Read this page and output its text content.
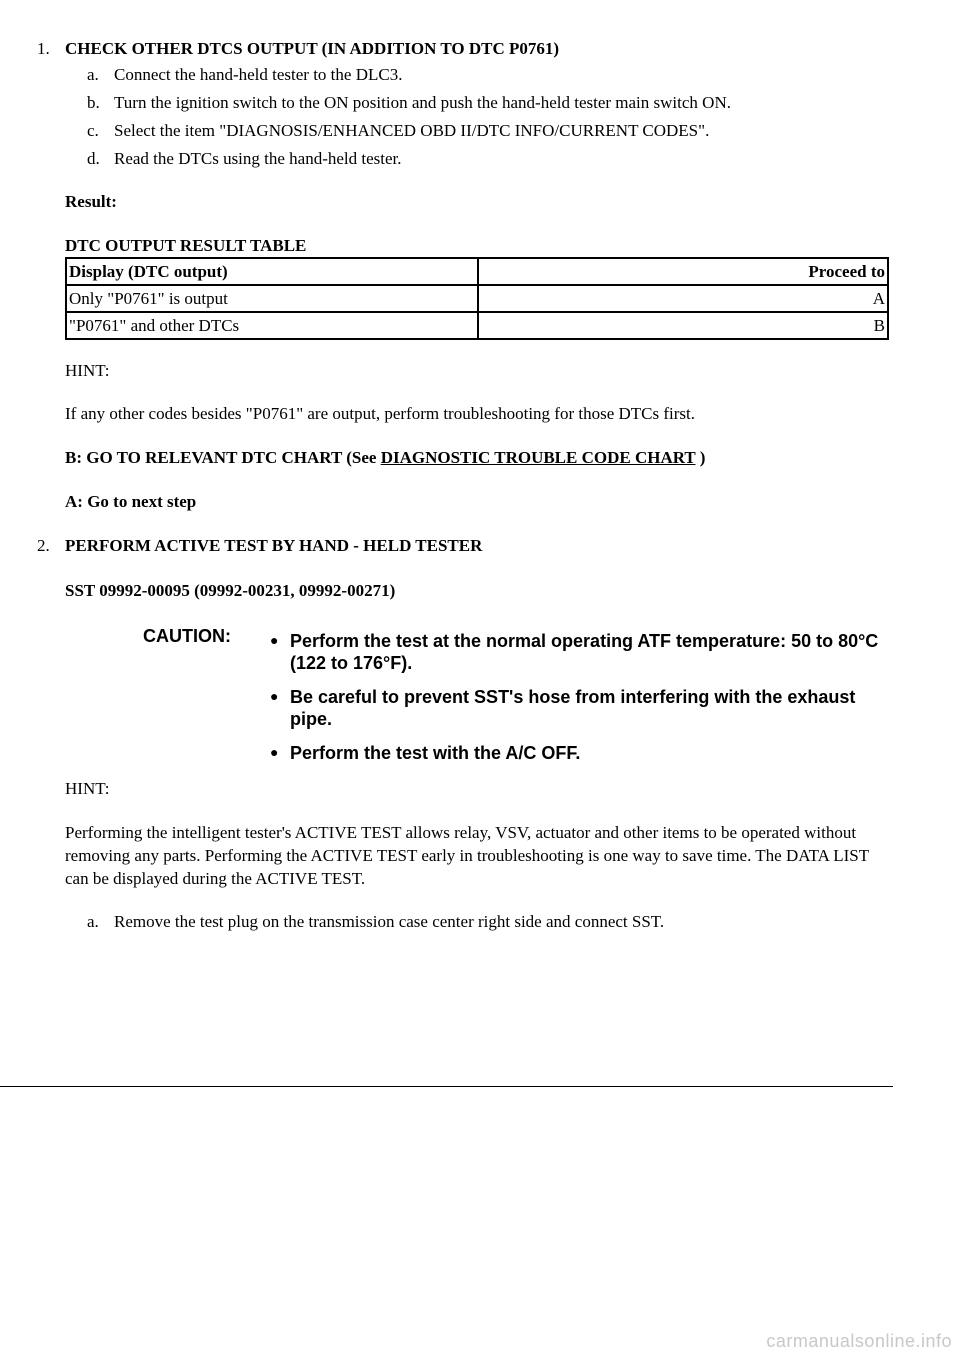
1. CHECK OTHER DTCS OUTPUT (IN ADDITION TO DTC P0761)
a. Connect the hand-held tester to the DLC3.
b. Turn the ignition switch to the ON position and push the hand-held tester main switch ON.
c. Select the item "DIAGNOSIS/ENHANCED OBD II/DTC INFO/CURRENT CODES".
d. Read the DTCs using the hand-held tester.
Result:
DTC OUTPUT RESULT TABLE
Display (DTC output)	Proceed to
Only "P0761" is output	A
"P0761" and other DTCs	B
HINT:
If any other codes besides "P0761" are output, perform troubleshooting for those DTCs first.
B: GO TO RELEVANT DTC CHART (See DIAGNOSTIC TROUBLE CODE CHART )
A: Go to next step
2. PERFORM ACTIVE TEST BY HAND - HELD TESTER
SST 09992-00095 (09992-00231, 09992-00271)
CAUTION:	● Perform the test at the normal operating ATF temperature: 50 to 80°C (122 to 176°F).
● Be careful to prevent SST's hose from interfering with the exhaust pipe.
● Perform the test with the A/C OFF.
HINT:
Performing the intelligent tester's ACTIVE TEST allows relay, VSV, actuator and other items to be operated without removing any parts. Performing the ACTIVE TEST early in troubleshooting is one way to save time. The DATA LIST can be displayed during the ACTIVE TEST.
a. Remove the test plug on the transmission case center right side and connect SST.
carmanualsonline.info
